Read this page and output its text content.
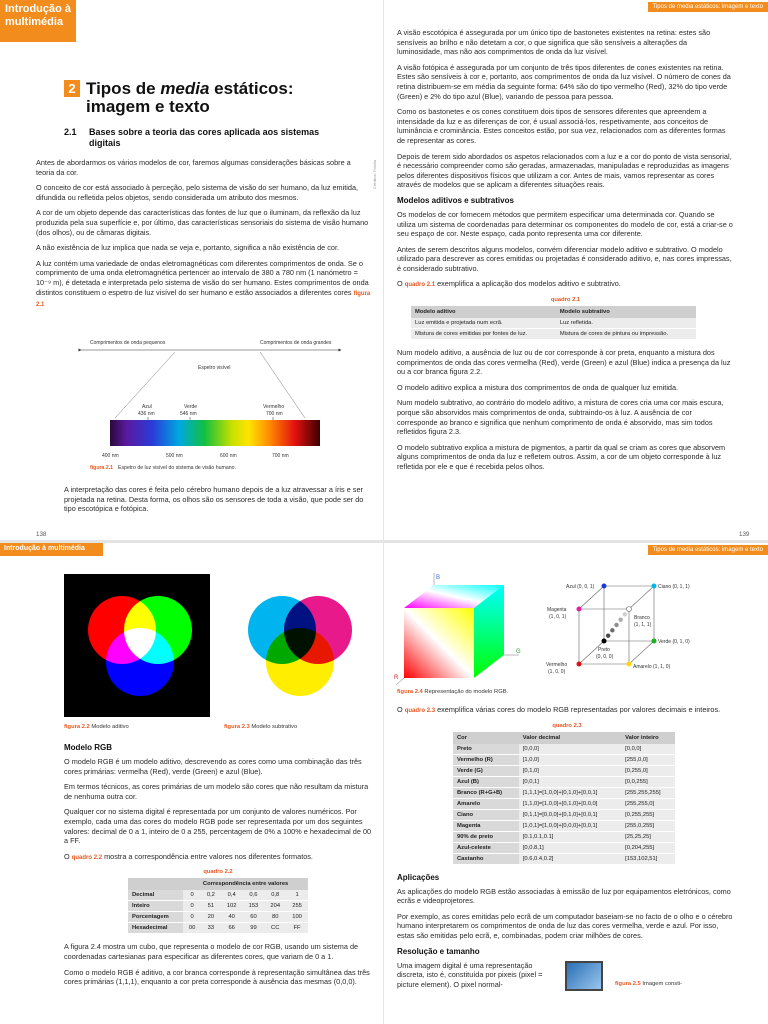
Introdução à multimédia
2 Tipos de media estáticos:
imagem e texto
2.1	Bases sobre a teoria das cores aplicada aos sistemas digitais
Créditos: Fotolia

Antes de abordarmos os vários modelos de cor, faremos algumas considerações básicas sobre a teoria da cor.

O conceito de cor está associado à perceção, pelo sistema de visão do ser humano, da luz emitida, difundida ou refletida pelos objetos, sendo considerada um atributo dos mesmos.

A cor de um objeto depende das características das fontes de luz que o iluminam, da reflexão da luz produzida pela sua superfície e, por último, das características sensoriais do sistema de visão humano (dos olhos), ou de câmaras digitais.

A não existência de luz implica que nada se veja e, portanto, significa a não existência de cor.

A luz contém uma variedade de ondas eletromagnéticas com diferentes comprimentos de onda. Se o comprimento de uma onda eletromagnética pertencer ao intervalo de 380 a 780 nm (1 nanómetro = 10⁻⁹ m), é detetada e interpretada pelo sistema de visão do ser humano. Estes comprimentos de onda distintos constituem o espetro de luz visível do ser humano e estão associados a diferentes cores figura 2.1

Comprimentos de onda pequenos	Comprimentos de onda grandes
Espetro visível
Azul
436 nm
Verde
546 nm
Vermelho
700 nm
400 nm	500 nm	600 nm	700 nm
figura 2.1 Espetro de luz visível do sistema de visão humano.

A interpretação das cores é feita pelo cérebro humano depois de a luz atravessar a íris e ser projetada na retina. Desta forma, os olhos são os sensores de toda a visão, que pode ser do tipo escotópica e fotópica.

138
Tipos de media estáticos: imagem e texto

A visão escotópica é assegurada por um único tipo de bastonetes existentes na retina: estes são sensíveis ao brilho e não detetam a cor, o que significa que são sensíveis a alterações da luminosidade, mas não aos comprimentos de onda da luz visível.

A visão fotópica é assegurada por um conjunto de três tipos diferentes de cones existentes na retina. Estes são sensíveis à cor e, portanto, aos comprimentos de onda da luz visível. O número de cones da retina distribuem-se em média da seguinte forma: 64% são do tipo vermelho (Red), 32% do tipo verde (Green) e 2% do tipo azul (Blue), variando de pessoa para pessoa.

Como os bastonetes e os cones constituem dois tipos de sensores diferentes que apreendem a intensidade da luz e as diferenças de cor, é usual associá-los, respetivamente, aos conceitos de luminância e crominância. Estes conceitos estão, por sua vez, relacionados com as diferentes formas de representar as cores.

Depois de terem sido abordados os aspetos relacionados com a luz e a cor do ponto de vista sensorial, é necessário compreender como são geradas, armazenadas, manipuladas e reproduzidas as imagens pelos diferentes dispositivos físicos que utilizam a cor. Antes de mais, vamos representar as cores através de modelos que se aplicam a diferentes situações reais.

Modelos aditivos e subtrativos

Os modelos de cor fornecem métodos que permitem especificar uma determinada cor. Quando se utiliza um sistema de coordenadas para determinar os componentes do modelo de cor, está a criar-se o seu espaço de cor. Neste espaço, cada ponto representa uma cor diferente.

Antes de serem descritos alguns modelos, convém diferenciar modelo aditivo e subtrativo. O modelo utilizado para descrever as cores emitidas ou projetadas é considerado aditivo, e, nas cores impressas, é considerado subtrativo.

O quadro 2.1 exemplifica a aplicação dos modelos aditivo e subtrativo.

quadro 2.1
Modelo aditivo	Modelo subtrativo
Luz emitida e projetada num ecrã.	Luz refletida.
Mistura de cores emitidas por fontes de luz.	Mistura de cores de pintura ou impressão.

Num modelo aditivo, a ausência de luz ou de cor corresponde à cor preta, enquanto a mistura dos comprimentos de onda das cores vermelha (Red), verde (Green) e azul (Blue) indica a presença da luz ou a cor branca figura 2.2.

O modelo aditivo explica a mistura dos comprimentos de onda de qualquer luz emitida.

Num modelo subtrativo, ao contrário do modelo aditivo, a mistura de cores cria uma cor mais escura, porque são absorvidos mais comprimentos de onda, subtraindo-os à luz. A ausência de cor corresponde ao branco e significa que nenhum comprimento de onda é absorvido, mas sim todos refletidos figura 2.3.

O modelo subtrativo explica a mistura de pigmentos, a partir da qual se criam as cores que absorvem alguns comprimentos de onda da luz e refletem outros. Assim, a cor de um objeto corresponde à luz refletida por ele e que é recebida pelos olhos.

139
Introdução à multimédia
figura 2.2 Modelo aditivo	figura 2.3 Modelo subtrativo
Modelo RGB

O modelo RGB é um modelo aditivo, descrevendo as cores como uma combinação das três cores primárias: vermelha (Red), verde (Green) e azul (Blue).

Em termos técnicos, as cores primárias de um modelo são cores que não resultam da mistura de nenhuma outra cor.

Qualquer cor no sistema digital é representada por um conjunto de valores numéricos. Por exemplo, cada uma das cores do modelo RGB pode ser representada por um dos seguintes valores: decimal de 0 a 1, inteiro de 0 a 255, percentagem de 0% a 100% e hexadecimal de 00 a FF.

O quadro 2.2 mostra a correspondência entre valores nos diferentes formatos.

quadro 2.2
	Correspondência entre valores					
Decimal	0	0,2	0,4	0,6	0,8	1
Inteiro	0	51	102	153	204	255
Porcentagem	0	20	40	60	80	100
Hexadecimal	00	33	66	99	CC	FF

A figura 2.4 mostra um cubo, que representa o modelo de cor RGB, usando um sistema de coordenadas cartesianas para especificar as diferentes cores, que variam de 0 a 1.

Como o modelo RGB é aditivo, a cor branca corresponde à representação simultânea das três cores primárias (1,1,1), enquanto a cor preta corresponde à ausência das mesmas (0,0,0).

Tipos de media estáticos: imagem e texto
B
G
R
figura 2.4 Representação do modelo RGB.
Azul (0, 0, 1)	Ciano (0, 1, 1)
Magenta
(1, 0, 1)	Branco
(1, 1, 1)
Preto
(0, 0, 0)
Verde (0, 1, 0)
Vermelho
(1, 0, 0)
Amarelo (1, 1, 0)

O quadro 2.3 exemplifica várias cores do modelo RGB representadas por valores decimais e inteiros.

quadro 2.3
Cor	Valor decimal	Valor inteiro
Preto	[0,0,0]	[0,0,0]
Vermelho (R)	[1,0,0]	[255,0,0]
Verde (G)	[0,1,0]	[0,255,0]
Azul (B)	[0,0,1]	[0,0,255]
Branco (R+G+B)	[1,1,1]=[1,0,0]+[0,1,0]+[0,0,1]	[255,255,255]
Amarelo	[1,1,0]=[1,0,0]+[0,1,0]+[0,0,0]	[255,255,0]
Ciano	[0,1,1]=[0,0,0]+[0,1,0]+[0,0,1]	[0,255,255]
Magenta	[1,0,1]=[1,0,0]+[0,0,0]+[0,0,1]	[255,0,255]
90% de preto	[0.1,0.1,0.1]	[25,25,25]
Azul-celeste	[0,0.8,1]	[0,204,255]
Castanho	[0.6,0.4,0.2]	[153,102,51]
Aplicações

As aplicações do modelo RGB estão associadas à emissão de luz por equipamentos eletrónicos, como ecrãs e videoprojetores.

Por exemplo, as cores emitidas pelo ecrã de um computador baseiam-se no facto de o olho e o cérebro humano interpretarem os comprimentos de onda de luz das cores vermelha, verde e azul. Por isso, estas são emitidas pelo ecrã, e, combinadas, podem criar milhões de cores.

Resolução e tamanho

Uma imagem digital é uma representação discreta, isto é, constituída por pixeis (pixel = picture element). O pixel normal-	figura 2.5 Imagem consti-
